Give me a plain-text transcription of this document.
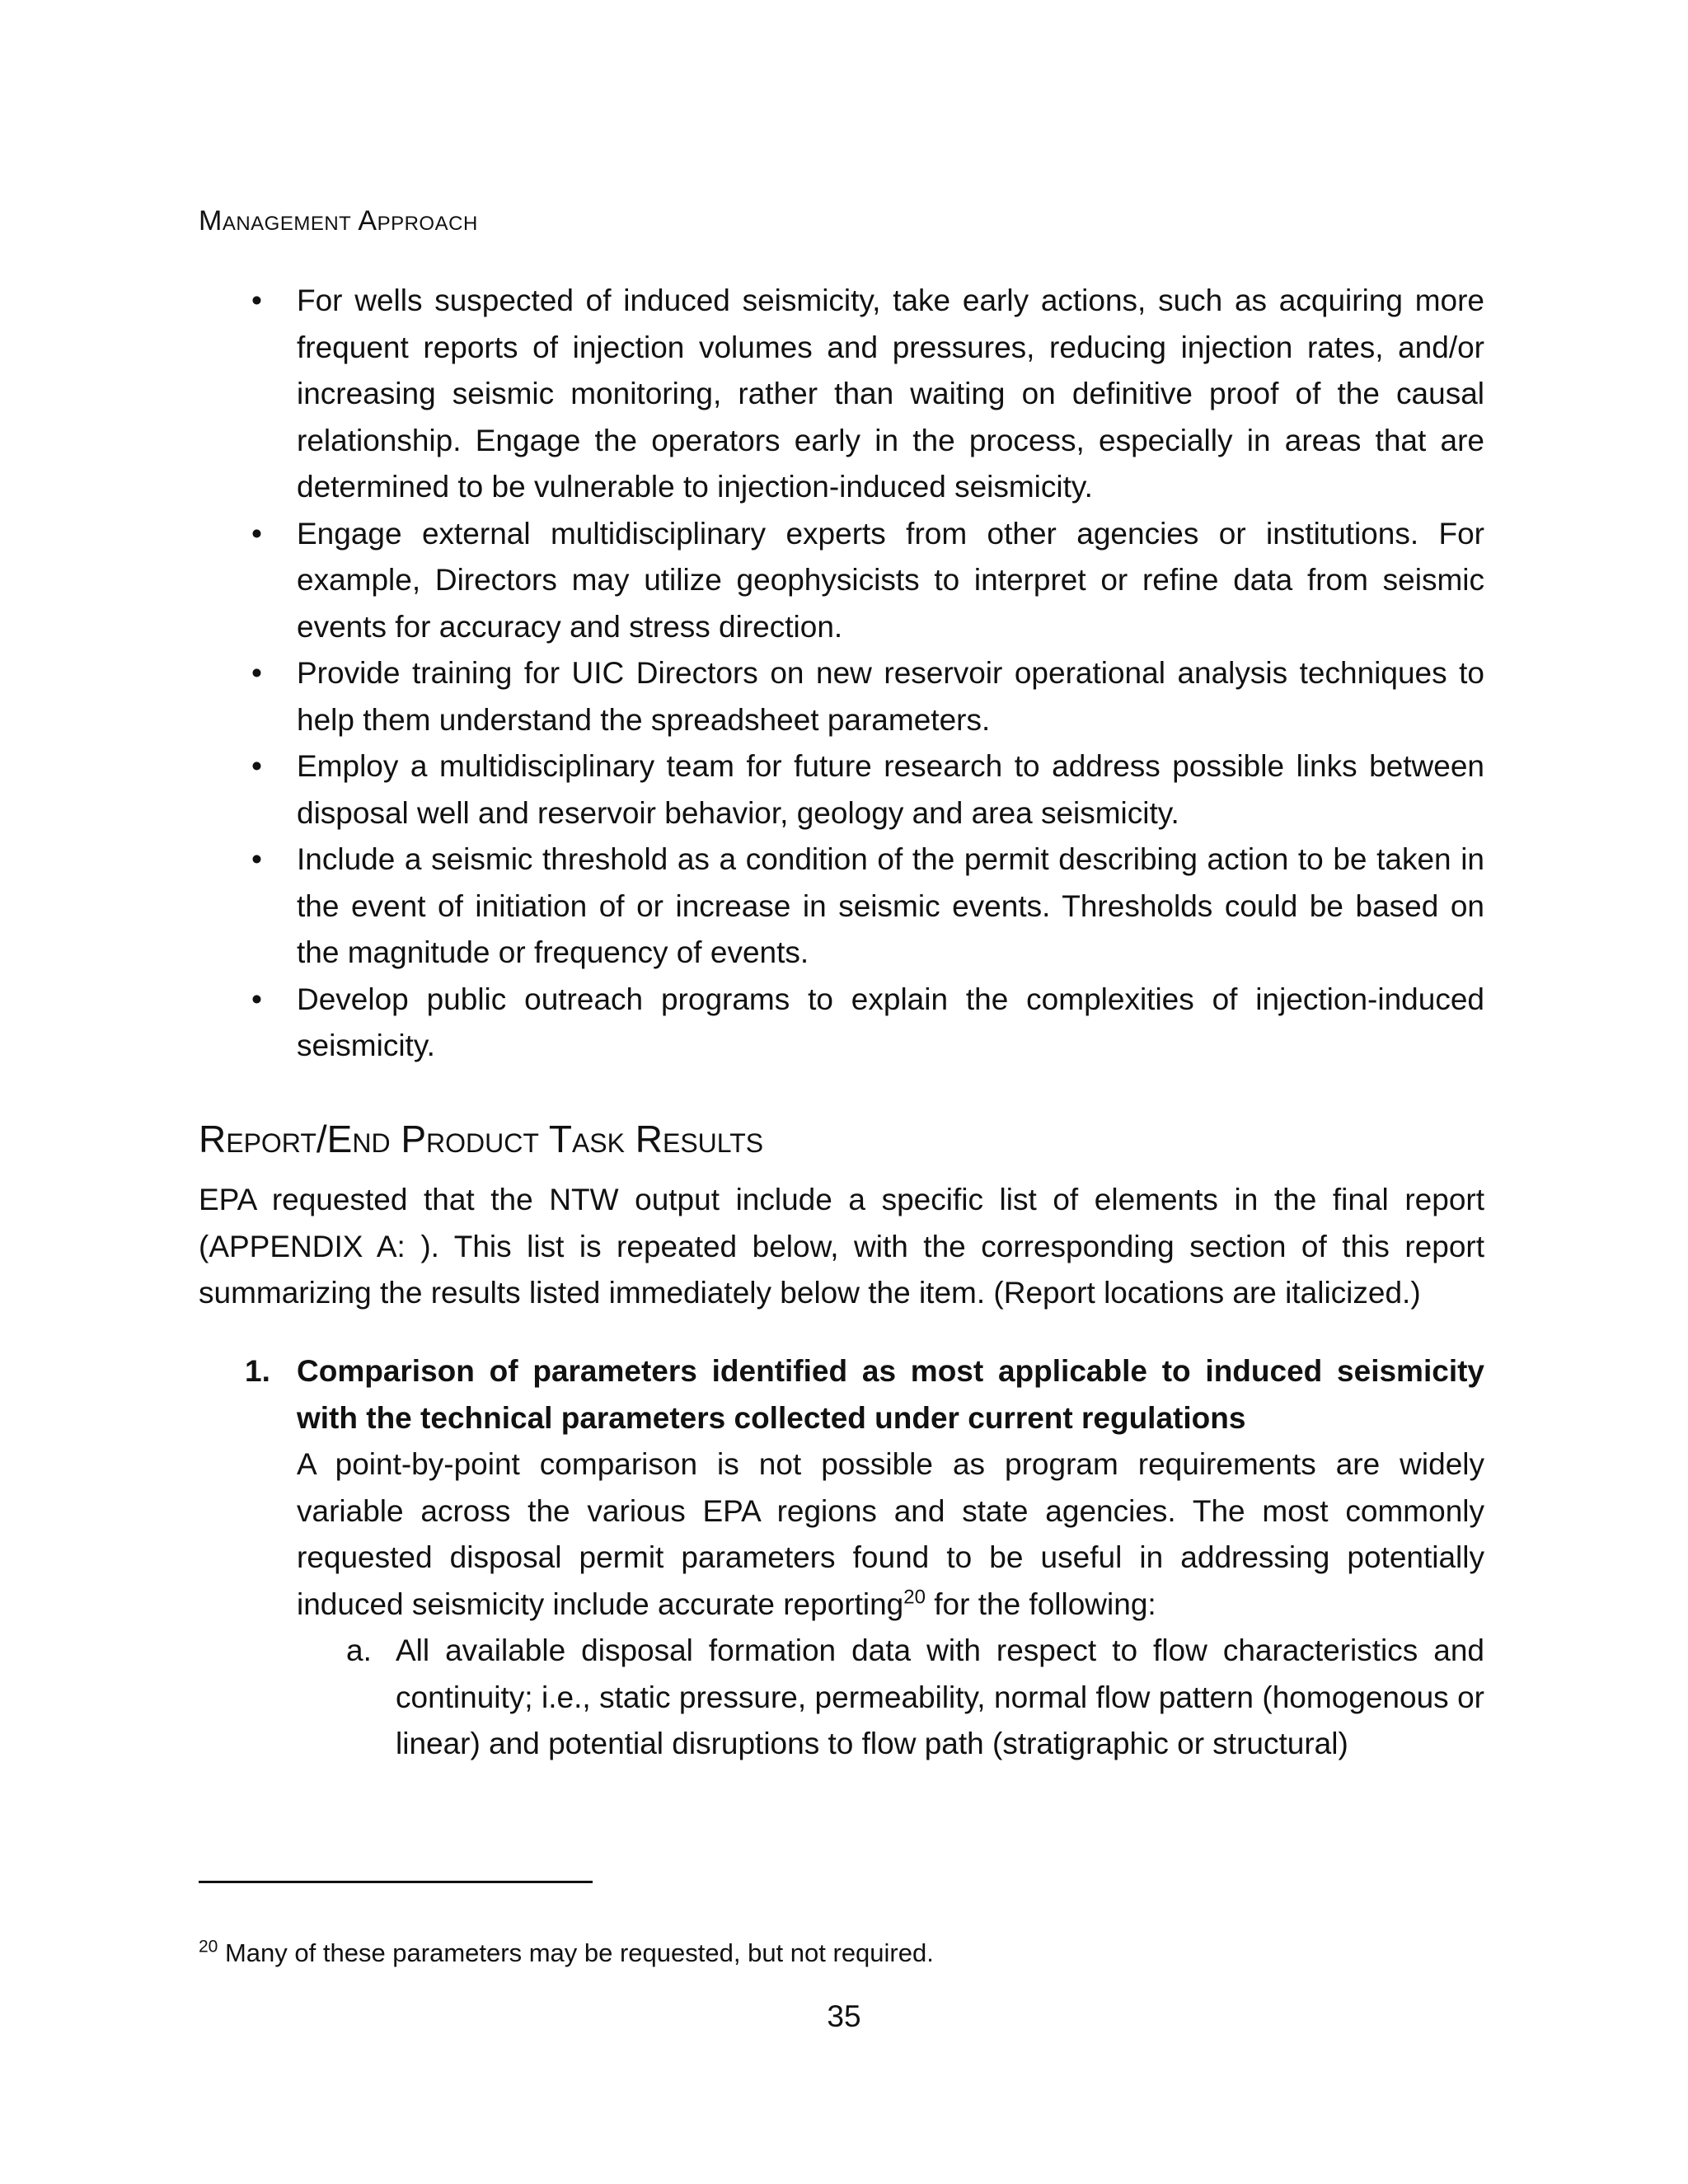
Management Approach
• For wells suspected of induced seismicity, take early actions, such as acquiring more frequent reports of injection volumes and pressures, reducing injection rates, and/or increasing seismic monitoring, rather than waiting on definitive proof of the causal relationship. Engage the operators early in the process, especially in areas that are determined to be vulnerable to injection-induced seismicity.
• Engage external multidisciplinary experts from other agencies or institutions. For example, Directors may utilize geophysicists to interpret or refine data from seismic events for accuracy and stress direction.
• Provide training for UIC Directors on new reservoir operational analysis techniques to help them understand the spreadsheet parameters.
• Employ a multidisciplinary team for future research to address possible links between disposal well and reservoir behavior, geology and area seismicity.
• Include a seismic threshold as a condition of the permit describing action to be taken in the event of initiation of or increase in seismic events. Thresholds could be based on the magnitude or frequency of events.
• Develop public outreach programs to explain the complexities of injection-induced seismicity.
Report/End Product Task Results

EPA requested that the NTW output include a specific list of elements in the final report (APPENDIX A: ). This list is repeated below, with the corresponding section of this report summarizing the results listed immediately below the item. (Report locations are italicized.)

1. Comparison of parameters identified as most applicable to induced seismicity with the technical parameters collected under current regulations
A point-by-point comparison is not possible as program requirements are widely variable across the various EPA regions and state agencies. The most commonly requested disposal permit parameters found to be useful in addressing potentially induced seismicity include accurate reporting$^{20}$ for the following:
a. All available disposal formation data with respect to flow characteristics and continuity; i.e., static pressure, permeability, normal flow pattern (homogenous or linear) and potential disruptions to flow path (stratigraphic or structural)
$^{20}$ Many of these parameters may be requested, but not required.
35
